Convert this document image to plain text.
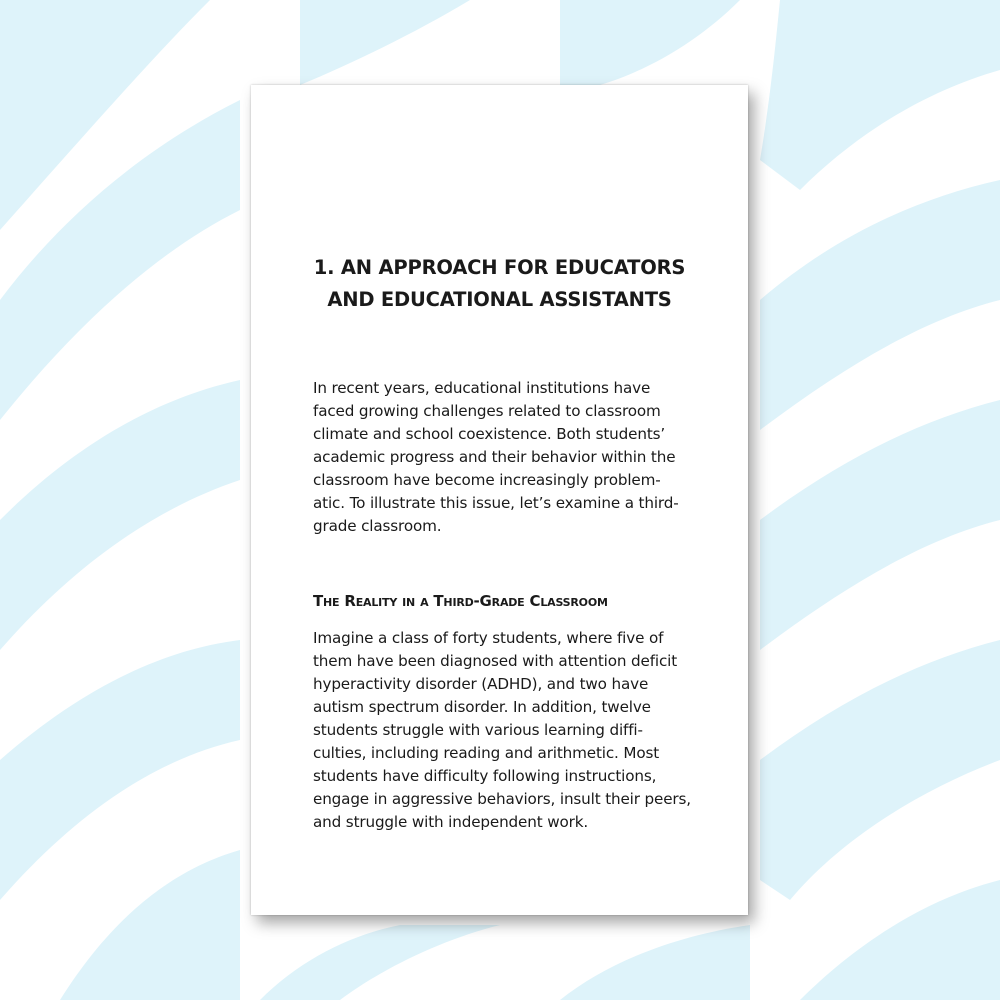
1. AN APPROACH FOR EDUCATORS
AND EDUCATIONAL ASSISTANTS

In recent years, educational institutions have
faced growing challenges related to classroom
climate and school coexistence. Both students’
academic progress and their behavior within the
classroom have become increasingly problem-
atic. To illustrate this issue, let’s examine a third-
grade classroom.

The Reality in a Third-Grade Classroom

Imagine a class of forty students, where five of
them have been diagnosed with attention deficit
hyperactivity disorder (ADHD), and two have
autism spectrum disorder. In addition, twelve
students struggle with various learning diffi-
culties, including reading and arithmetic. Most
students have difficulty following instructions,
engage in aggressive behaviors, insult their peers,
and struggle with independent work.
